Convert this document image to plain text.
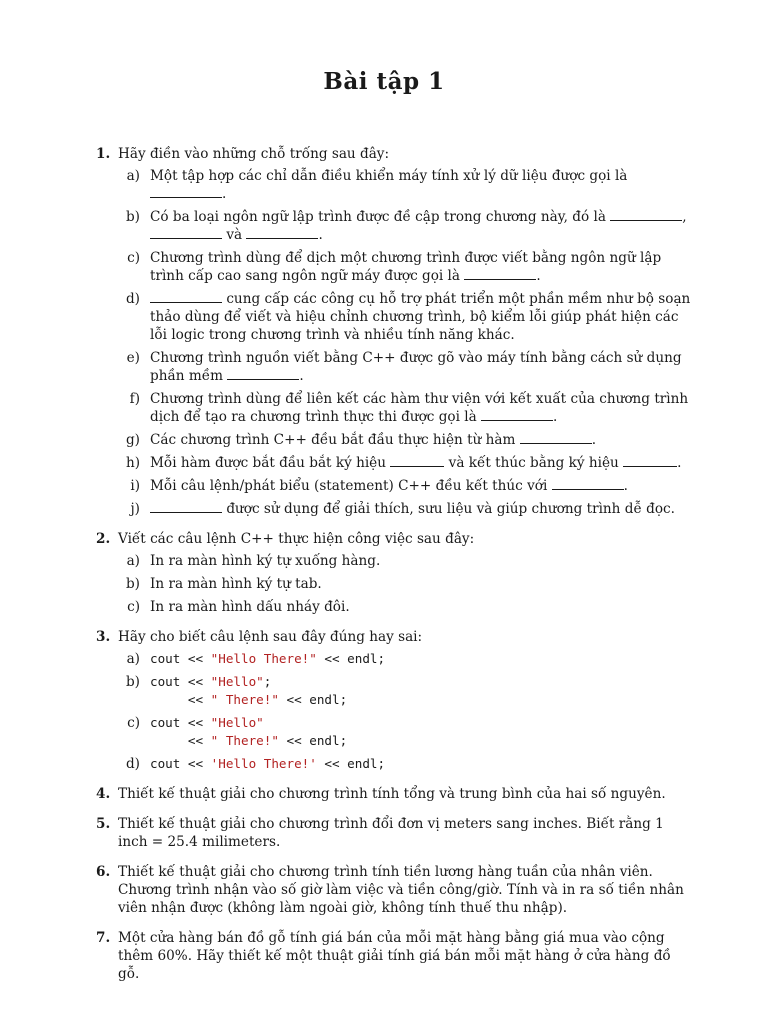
Bài tập 1
1. Hãy điền vào những chỗ trống sau đây:
a) Một tập hợp các chỉ dẫn điều khiển máy tính xử lý dữ liệu được gọi là .
b) Có ba loại ngôn ngữ lập trình được đề cập trong chương này, đó là	,  và	.
c) Chương trình dùng để dịch một chương trình được viết bằng ngôn ngữ lập trình cấp cao sang ngôn ngữ máy được gọi là	.
d)	cung cấp các công cụ hỗ trợ phát triển một phần mềm như bộ soạn thảo dùng để viết và hiệu chỉnh chương trình, bộ kiểm lỗi giúp phát hiện các lỗi logic trong chương trình và nhiều tính năng khác.
e) Chương trình nguồn viết bằng C++ được gõ vào máy tính bằng cách sử dụng phần mềm	.
f) Chương trình dùng để liên kết các hàm thư viện với kết xuất của chương trình dịch để tạo ra chương trình thực thi được gọi là	.
g) Các chương trình C++ đều bắt đầu thực hiện từ hàm	.
h) Mỗi hàm được bắt đầu bắt ký hiệu	và kết thúc bằng ký hiệu	.
i) Mỗi câu lệnh/phát biểu (statement) C++ đều kết thúc với	.
j)	được sử dụng để giải thích, sưu liệu và giúp chương trình dễ đọc.
2. Viết các câu lệnh C++ thực hiện công việc sau đây:
a) In ra màn hình ký tự xuống hàng.
b) In ra màn hình ký tự tab.
c) In ra màn hình dấu nháy đôi.
3. Hãy cho biết câu lệnh sau đây đúng hay sai:
a) cout << "Hello There!" << endl;
b) cout << "Hello";
<< " There!" << endl;
c) cout << "Hello"
<< " There!" << endl;
d) cout << 'Hello There!' << endl;
4. Thiết kế thuật giải cho chương trình tính tổng và trung bình của hai số nguyên.
5. Thiết kế thuật giải cho chương trình đổi đơn vị meters sang inches. Biết rằng 1 inch = 25.4 milimeters.
6. Thiết kế thuật giải cho chương trình tính tiền lương hàng tuần của nhân viên. Chương trình nhận vào số giờ làm việc và tiền công/giờ. Tính và in ra số tiền nhân viên nhận được (không làm ngoài giờ, không tính thuế thu nhập).
7. Một cửa hàng bán đồ gỗ tính giá bán của mỗi mặt hàng bằng giá mua vào cộng thêm 60%. Hãy thiết kế một thuật giải tính giá bán mỗi mặt hàng ở cửa hàng đồ gỗ.
